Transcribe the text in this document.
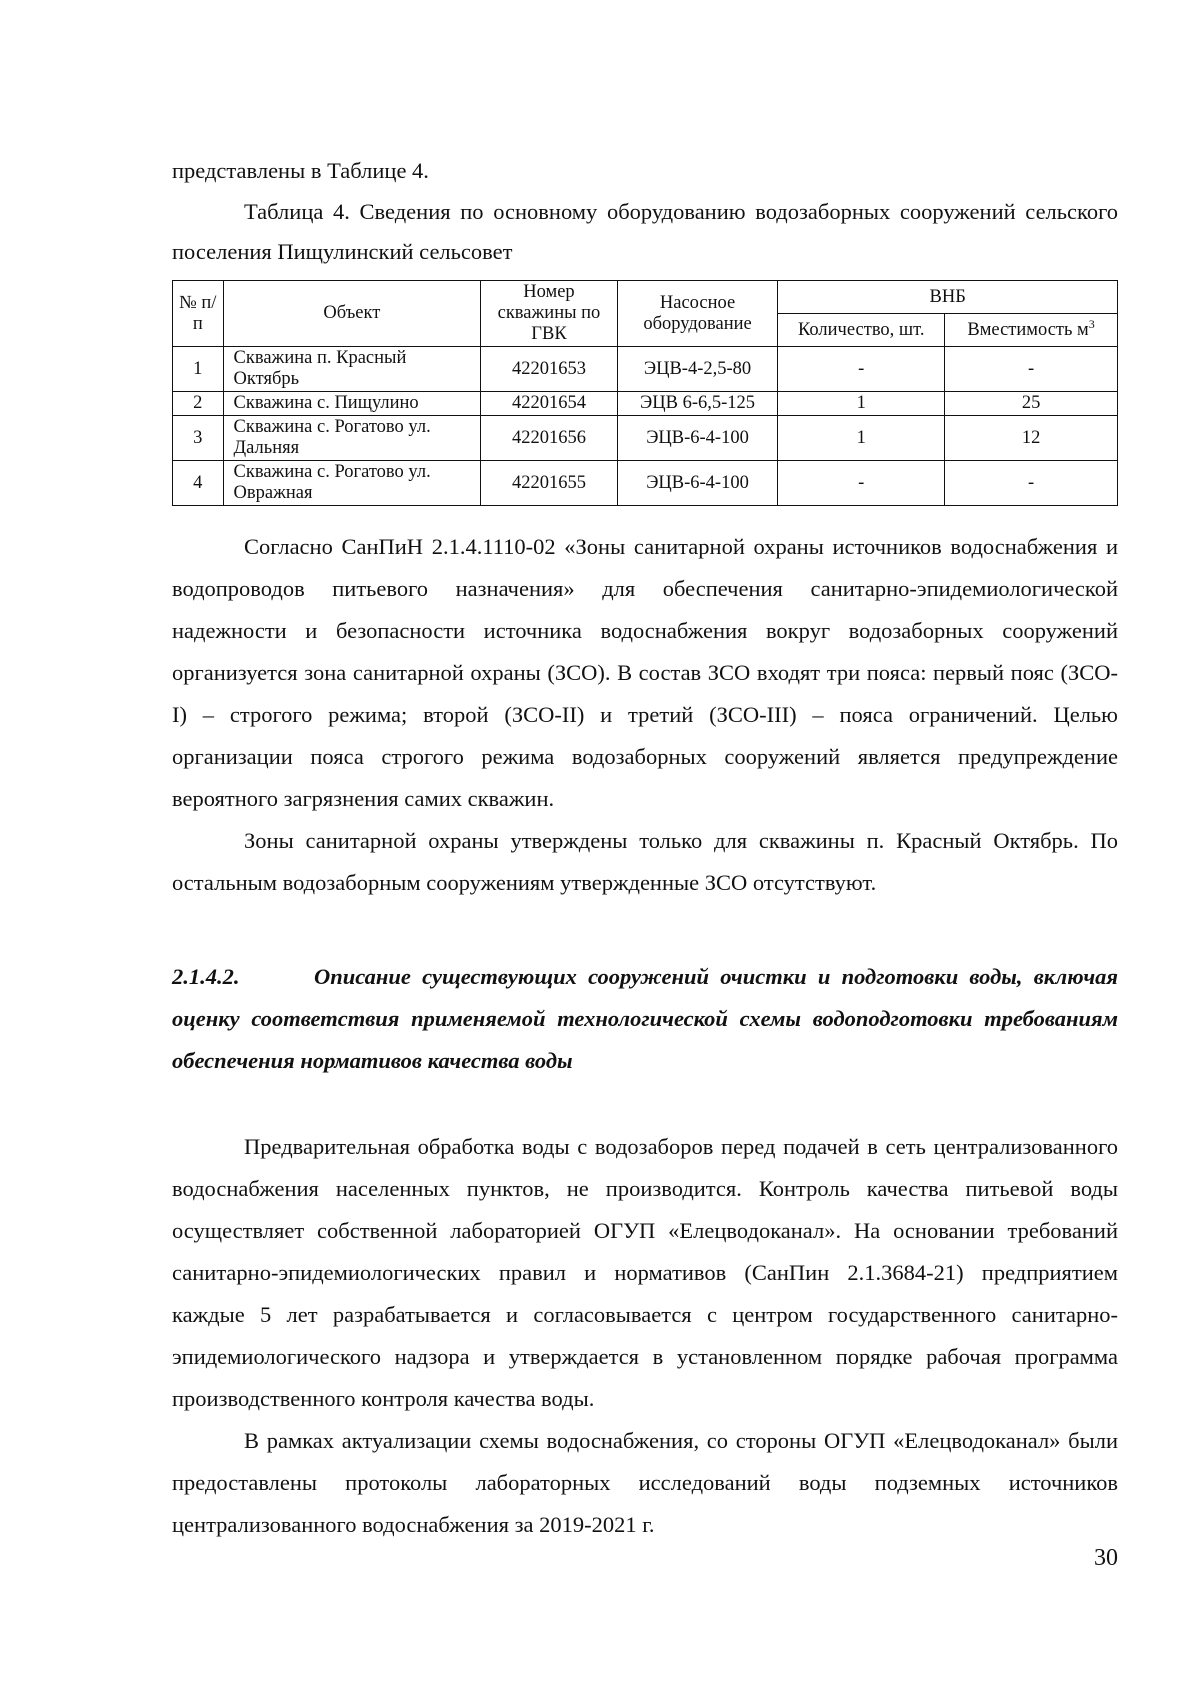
представлены в Таблице 4.

Таблица 4. Сведения по основному оборудованию водозаборных сооружений сельского поселения Пищулинский сельсовет

№ п/п	Объект	Номер скважины по ГВК	Насосное оборудование	ВНБ	
				Количество, шт.	Вместимость $м^3$
1	Скважина п. Красный Октябрь	42201653	ЭЦВ-4-2,5-80	-	-
2	Скважина с. Пищулино	42201654	ЭЦВ 6-6,5-125	1	25
3	Скважина с. Рогатово ул. Дальняя	42201656	ЭЦВ-6-4-100	1	12
4	Скважина с. Рогатово ул. Овражная	42201655	ЭЦВ-6-4-100	-	-

Согласно СанПиН 2.1.4.1110-02 «Зоны санитарной охраны источников водоснабжения и водопроводов питьевого назначения» для обеспечения санитарно-эпидемиологической надежности и безопасности источника водоснабжения вокруг водозаборных сооружений организуется зона санитарной охраны (ЗСО). В состав ЗСО входят три пояса: первый пояс (ЗСО-I) – строгого режима; второй (ЗСО-II) и третий (ЗСО-III) – пояса ограничений. Целью организации пояса строгого режима водозаборных сооружений является предупреждение вероятного загрязнения самих скважин.

Зоны санитарной охраны утверждены только для скважины п. Красный Октябрь. По остальным водозаборным сооружениям утвержденные ЗСО отсутствуют.

2.1.4.2.	Описание существующих сооружений очистки и подготовки воды, включая оценку соответствия применяемой технологической схемы водоподготовки требованиям обеспечения нормативов качества воды

Предварительная обработка воды с водозаборов перед подачей в сеть централизованного водоснабжения населенных пунктов, не производится. Контроль качества питьевой воды осуществляет собственной лабораторией ОГУП «Елецводоканал». На основании требований санитарно-эпидемиологических правил и нормативов (СанПин 2.1.3684-21) предприятием каждые 5 лет разрабатывается и согласовывается с центром государственного санитарно-эпидемиологического надзора и утверждается в установленном порядке рабочая программа производственного контроля качества воды.

В рамках актуализации схемы водоснабжения, со стороны ОГУП «Елецводоканал» были предоставлены протоколы лабораторных исследований воды подземных источников централизованного водоснабжения за 2019-2021 г.

30
